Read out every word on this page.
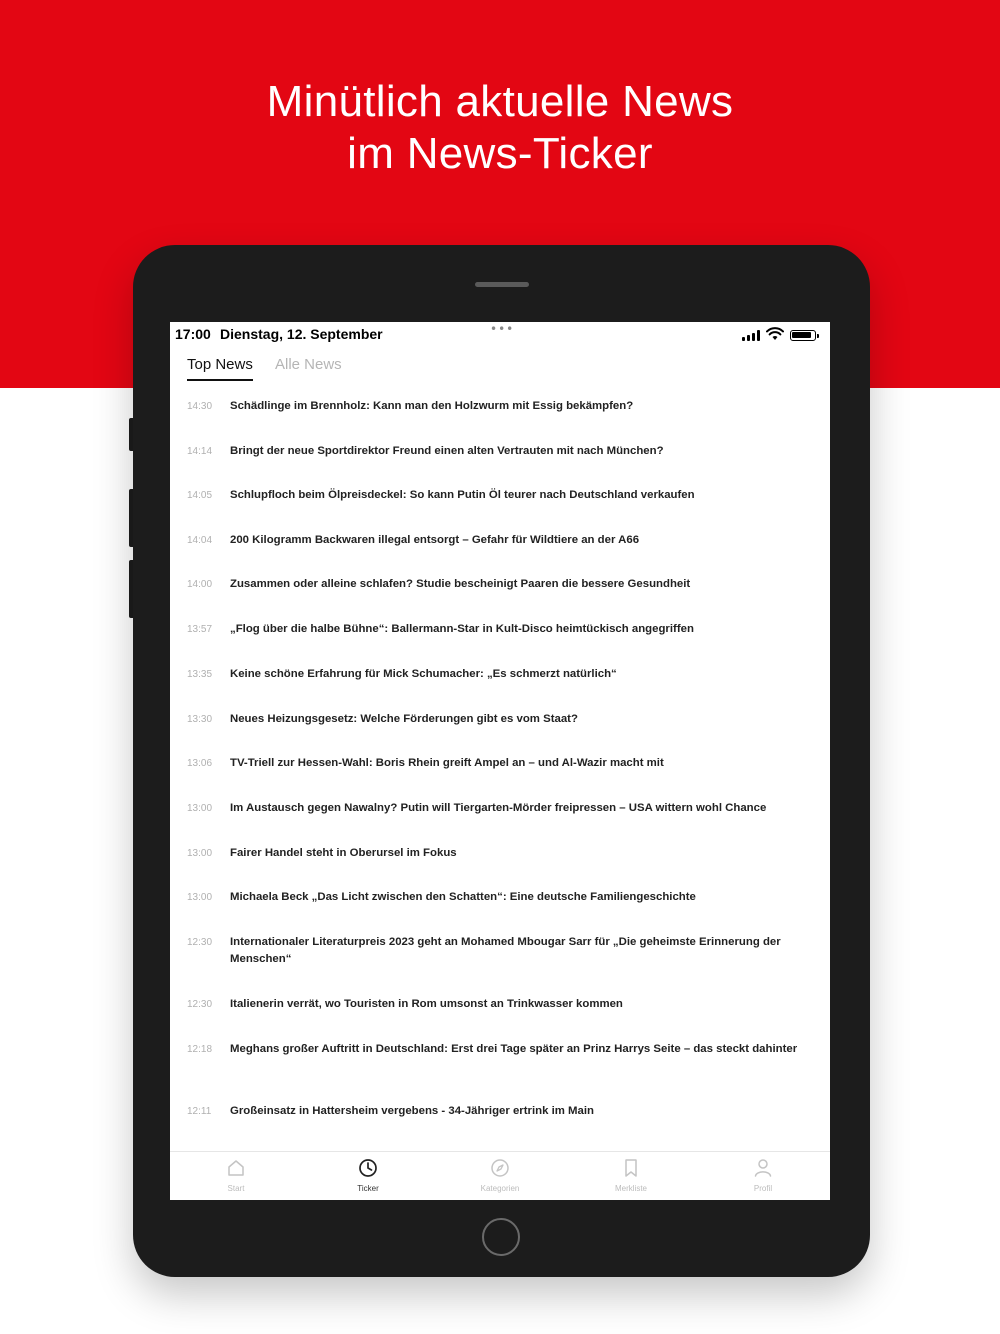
Minütlich aktuelle News
im News-Ticker
17:00 Dienstag, 12. September	•••
Top News Alle News
14:30	Schädlinge im Brennholz: Kann man den Holzwurm mit Essig bekämpfen?
14:14	Bringt der neue Sportdirektor Freund einen alten Vertrauten mit nach München?
14:05	Schlupfloch beim Ölpreisdeckel: So kann Putin Öl teurer nach Deutschland verkaufen
14:04	200 Kilogramm Backwaren illegal entsorgt – Gefahr für Wildtiere an der A66
14:00	Zusammen oder alleine schlafen? Studie bescheinigt Paaren die bessere Gesundheit
13:57	„Flog über die halbe Bühne“: Ballermann-Star in Kult-Disco heimtückisch angegriffen
13:35	Keine schöne Erfahrung für Mick Schumacher: „Es schmerzt natürlich“
13:30	Neues Heizungsgesetz: Welche Förderungen gibt es vom Staat?
13:06	TV-Triell zur Hessen-Wahl: Boris Rhein greift Ampel an – und Al-Wazir macht mit
13:00	Im Austausch gegen Nawalny? Putin will Tiergarten-Mörder freipressen – USA wittern wohl Chance
13:00	Fairer Handel steht in Oberursel im Fokus
13:00	Michaela Beck „Das Licht zwischen den Schatten“: Eine deutsche Familiengeschichte
12:30	Internationaler Literaturpreis 2023 geht an Mohamed Mbougar Sarr für „Die geheimste Erinnerung der Menschen“
12:30	Italienerin verrät, wo Touristen in Rom umsonst an Trinkwasser kommen
12:18	Meghans großer Auftritt in Deutschland: Erst drei Tage später an Prinz Harrys Seite – das steckt dahinter
12:11	Großeinsatz in Hattersheim vergebens - 34-Jähriger ertrink im Main
Start	Ticker	Kategorien	Merkliste	Profil
